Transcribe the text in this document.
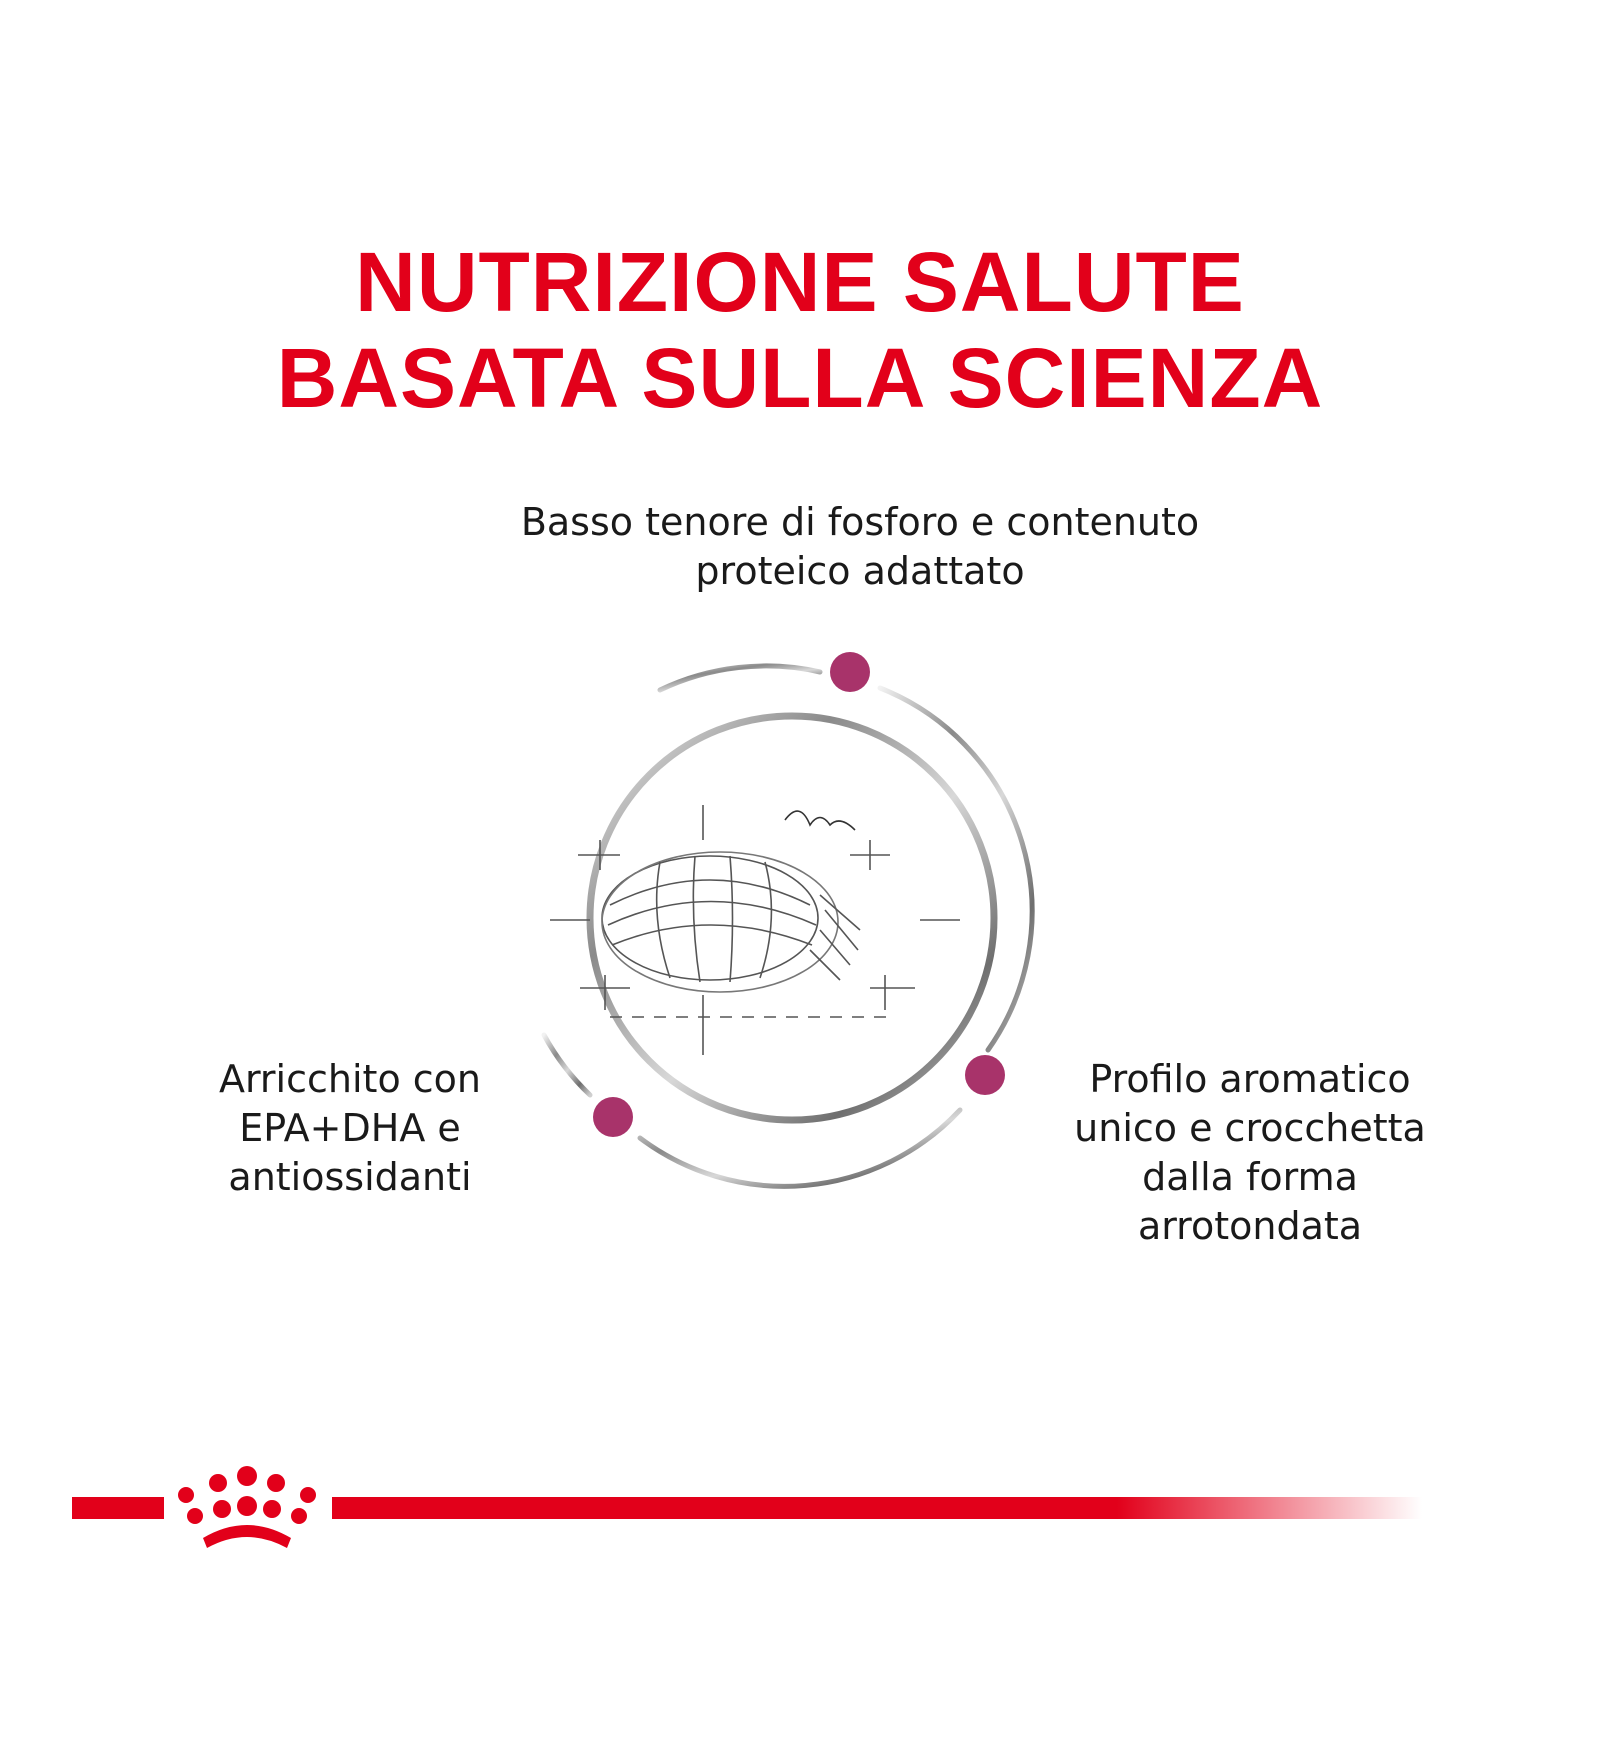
NUTRIZIONE SALUTE
BASATA SULLA SCIENZA
Basso tenore di fosforo e contenuto
proteico adattato
Arricchito con
EPA+DHA e
antiossidanti
Profilo aromatico
unico e crocchetta
dalla forma
arrotondata
